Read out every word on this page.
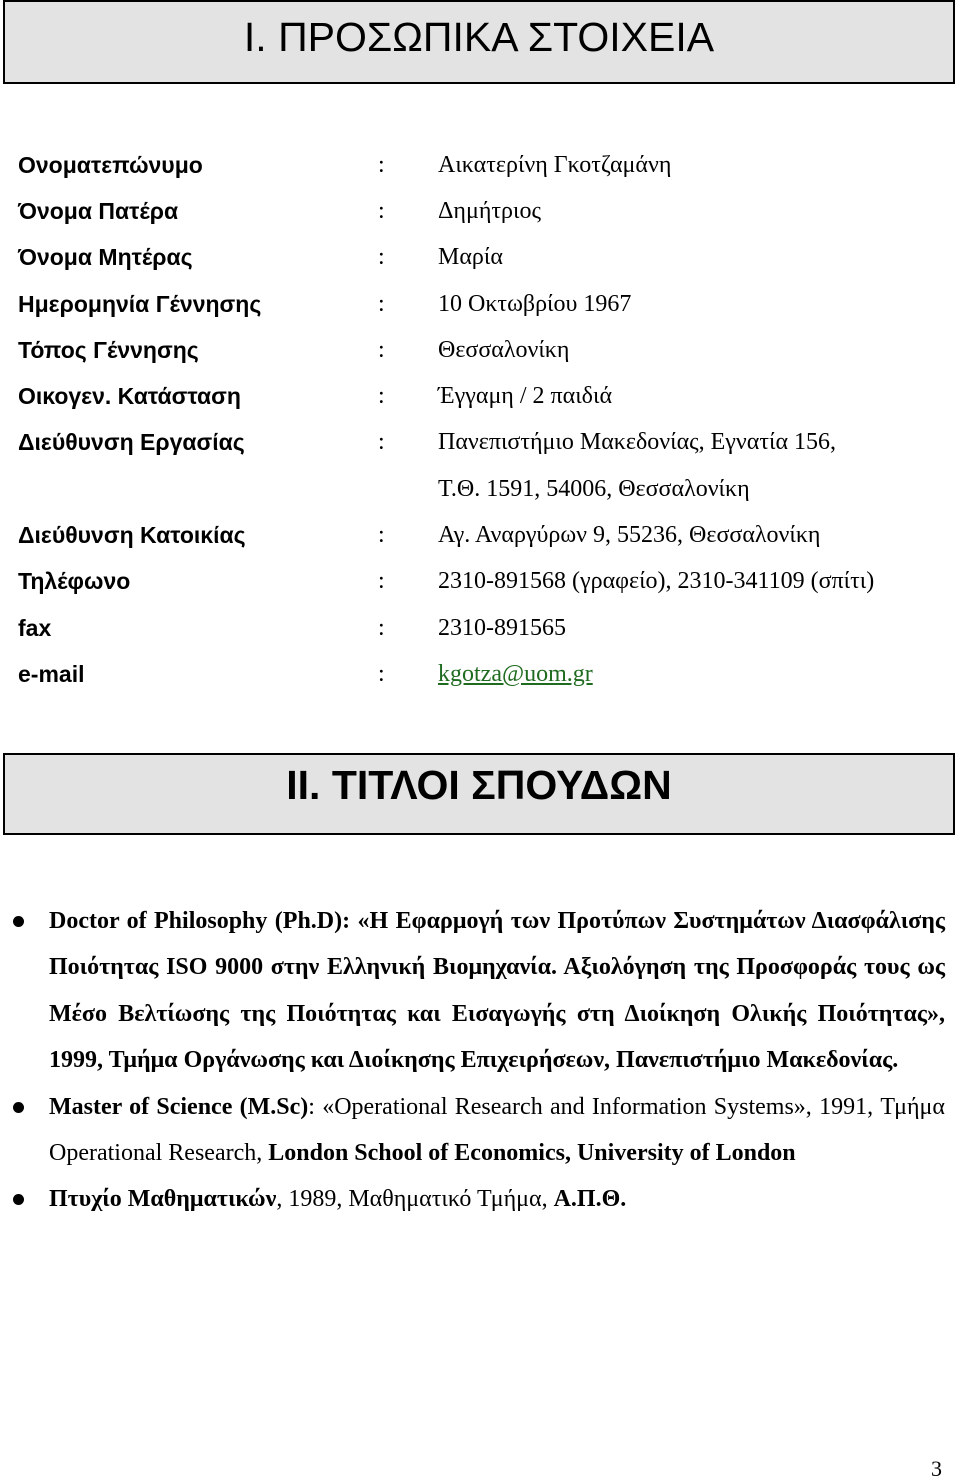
I. ΠΡΟΣΩΠΙΚΑ ΣΤΟΙΧΕΙΑ
Ονοματεπώνυμο	:	Αικατερίνη Γκοτζαμάνη
Όνομα Πατέρα	:	Δημήτριος
Όνομα Μητέρας	:	Μαρία
Ημερομηνία Γέννησης	:	10 Οκτωβρίου 1967
Τόπος Γέννησης	:	Θεσσαλονίκη
Οικογεν. Κατάσταση	:	Έγγαμη / 2 παιδιά
Διεύθυνση Εργασίας	:	Πανεπιστήμιο Μακεδονίας, Εγνατία 156,
Τ.Θ. 1591, 54006, Θεσσαλονίκη
Διεύθυνση Κατοικίας	:	Αγ. Αναργύρων 9, 55236, Θεσσαλονίκη
Τηλέφωνο	:	2310-891568 (γραφείο), 2310-341109 (σπίτι)
fax	:	2310-891565
e-mail	:	kgotza@uom.gr
II. ΤΙΤΛΟΙ ΣΠΟΥΔΩΝ
Doctor of Philosophy (Ph.D): «Η Εφαρμογή των Προτύπων Συστημάτων Διασφάλισης Ποιότητας ISO 9000 στην Ελληνική Βιομηχανία. Αξιολόγηση της Προσφοράς τους ως Μέσο Βελτίωσης της Ποιότητας και Εισαγωγής στη Διοίκηση Ολικής Ποιότητας», 1999, Τμήμα Οργάνωσης και Διοίκησης Επιχειρήσεων, Πανεπιστήμιο Μακεδονίας.
Master of Science (M.Sc): «Operational Research and Information Systems», 1991, Τμήμα Operational Research, London School of Economics, University of London
Πτυχίο Μαθηματικών, 1989, Μαθηματικό Τμήμα, Α.Π.Θ.
3
